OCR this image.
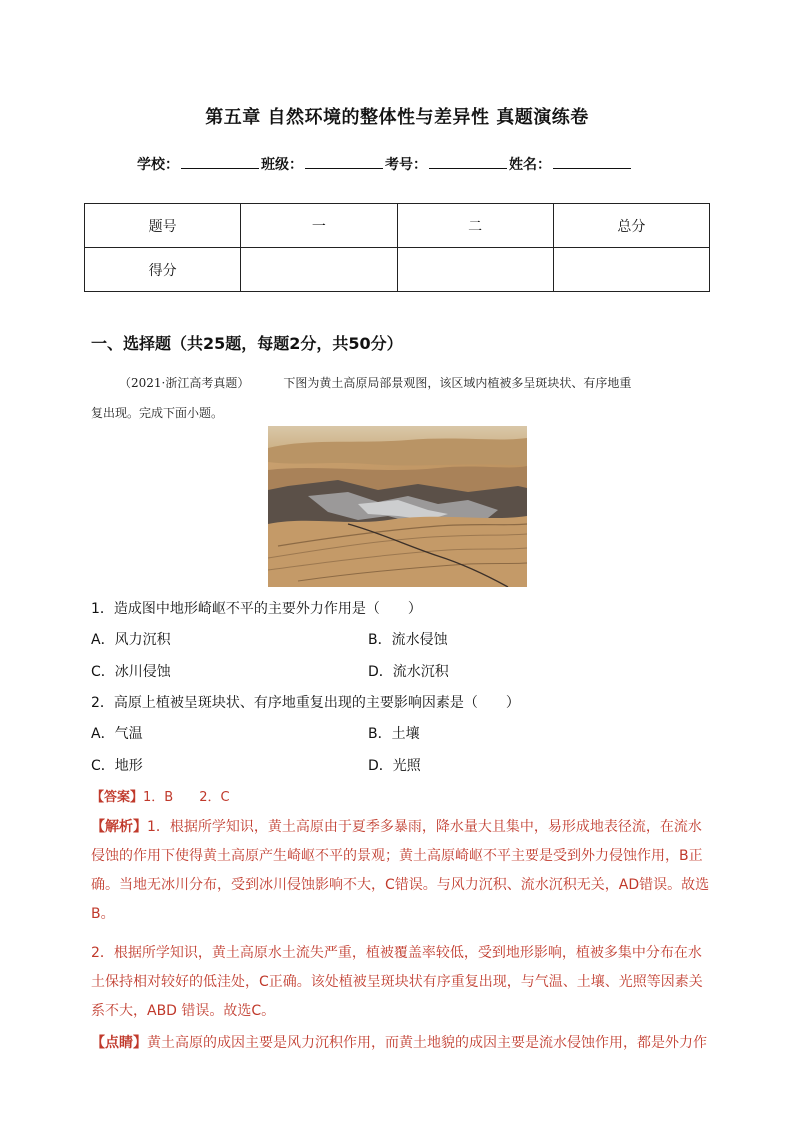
第五章 自然环境的整体性与差异性 真题演练卷
学校：	班级：	考号：	姓名：
题号	一	二	总分
得分			
一、选择题（共25题，每题2分，共50分）
（2021·浙江高考真题）	下图为黄土高原局部景观图，该区域内植被多呈斑块状、有序地重
复出现。完成下面小题。
1．造成图中地形崎岖不平的主要外力作用是（　　）
A．风力沉积	B．流水侵蚀
C．冰川侵蚀	D．流水沉积
2．高原上植被呈斑块状、有序地重复出现的主要影响因素是（　　）
A．气温	B．土壤
C．地形	D．光照
【答案】1．B　　2．C
【解析】1．根据所学知识，黄土高原由于夏季多暴雨，降水量大且集中，易形成地表径流，在流水侵蚀的作用下使得黄土高原产生崎岖不平的景观；黄土高原崎岖不平主要是受到外力侵蚀作用，B正确。当地无冰川分布，受到冰川侵蚀影响不大，C错误。与风力沉积、流水沉积无关，AD错误。故选B。
2．根据所学知识，黄土高原水土流失严重，植被覆盖率较低，受到地形影响，植被多集中分布在水土保持相对较好的低洼处，C正确。该处植被呈斑块状有序重复出现，与气温、土壤、光照等因素关系不大，ABD 错误。故选C。
【点睛】黄土高原的成因主要是风力沉积作用，而黄土地貌的成因主要是流水侵蚀作用，都是外力作
